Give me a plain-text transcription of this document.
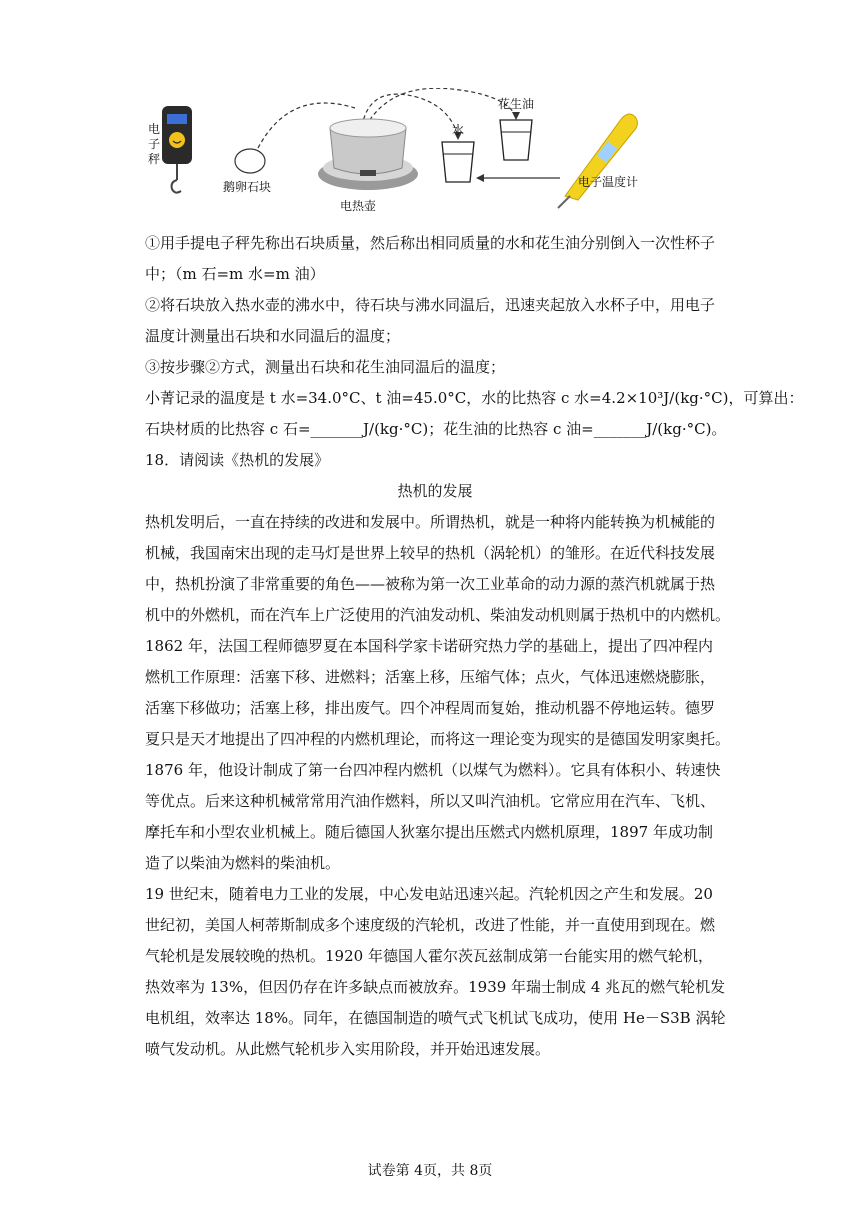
电
子
秤
鹅卵石块
电热壶
水
花生油
电子温度计
①用手提电子秤先称出石块质量，然后称出相同质量的水和花生油分别倒入一次性杯子
中；（m 石=m 水=m 油）
②将石块放入热水壶的沸水中，待石块与沸水同温后，迅速夹起放入水杯子中，用电子
温度计测量出石块和水同温后的温度；
③按步骤②方式，测量出石块和花生油同温后的温度；
小菁记录的温度是 t 水=34.0°C、t 油=45.0°C，水的比热容 c 水=4.2×10³J/(kg·°C)，可算出：
石块材质的比热容 c 石=_______J/(kg·°C)；花生油的比热容 c 油=_______J/(kg·°C)。
18．请阅读《热机的发展》
热机的发展
热机发明后，一直在持续的改进和发展中。所谓热机，就是一种将内能转换为机械能的
机械，我国南宋出现的走马灯是世界上较早的热机（涡轮机）的雏形。在近代科技发展
中，热机扮演了非常重要的角色——被称为第一次工业革命的动力源的蒸汽机就属于热
机中的外燃机，而在汽车上广泛使用的汽油发动机、柴油发动机则属于热机中的内燃机。
1862 年，法国工程师德罗夏在本国科学家卡诺研究热力学的基础上，提出了四冲程内
燃机工作原理：活塞下移、进燃料；活塞上移，压缩气体；点火，气体迅速燃烧膨胀，
活塞下移做功；活塞上移，排出废气。四个冲程周而复始，推动机器不停地运转。德罗
夏只是天才地提出了四冲程的内燃机理论，而将这一理论变为现实的是德国发明家奥托。
1876 年，他设计制成了第一台四冲程内燃机（以煤气为燃料）。它具有体积小、转速快
等优点。后来这种机械常常用汽油作燃料，所以又叫汽油机。它常应用在汽车、飞机、
摩托车和小型农业机械上。随后德国人狄塞尔提出压燃式内燃机原理，1897 年成功制
造了以柴油为燃料的柴油机。
19 世纪末，随着电力工业的发展，中心发电站迅速兴起。汽轮机因之产生和发展。20
世纪初，美国人柯蒂斯制成多个速度级的汽轮机，改进了性能，并一直使用到现在。燃
气轮机是发展较晚的热机。1920 年德国人霍尔茨瓦兹制成第一台能实用的燃气轮机，
热效率为 13%，但因仍存在许多缺点而被放弃。1939 年瑞士制成 4 兆瓦的燃气轮机发
电机组，效率达 18%。同年，在德国制造的喷气式飞机试飞成功，使用 He－S3B 涡轮
喷气发动机。从此燃气轮机步入实用阶段，并开始迅速发展。
试卷第 4页，共 8页
